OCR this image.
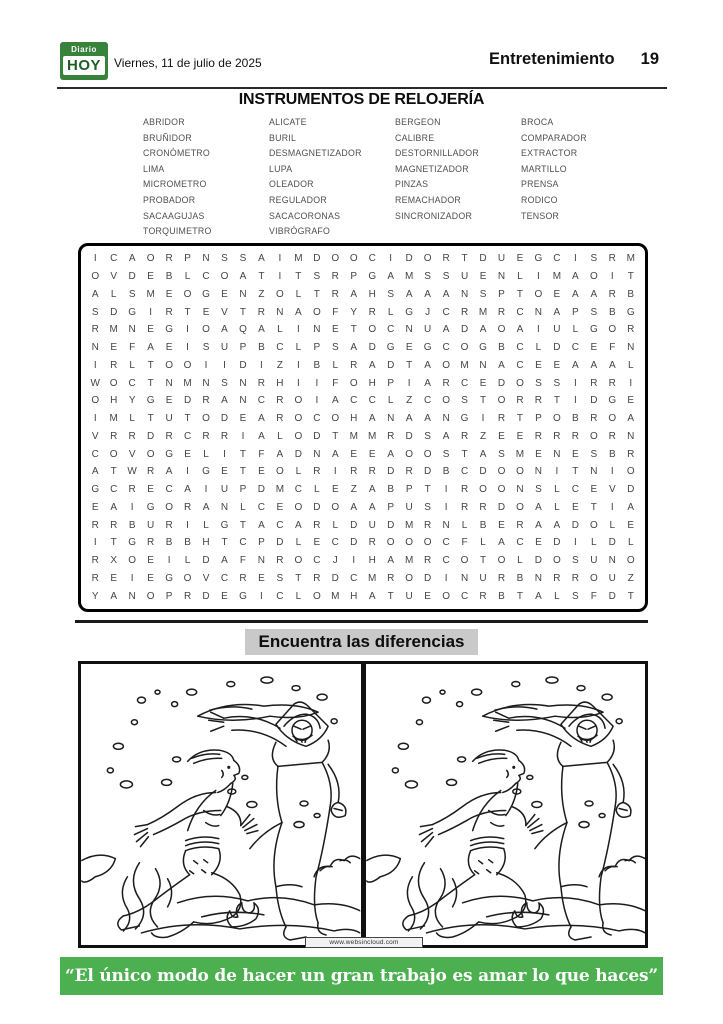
Diario
HOY	Viernes, 11 de julio de 2025	Entretenimiento 19
INSTRUMENTOS DE RELOJERÍA
ABRIDOR
BRUÑIDOR
CRONÓMETRO
LIMA
MICROMETRO
PROBADOR
SACAAGUJAS
TORQUIMETRO
ALICATE
BURIL
DESMAGNETIZADOR
LUPA
OLEADOR
REGULADOR
SACACORONAS
VIBRÓGRAFO
BERGEON
CALIBRE
DESTORNILLADOR
MAGNETIZADOR
PINZAS
REMACHADOR
SINCRONIZADOR
BROCA
COMPARADOR
EXTRACTOR
MARTILLO
PRENSA
RODICO
TENSOR
I	C	A	O	R	P	N	S	S	A	I	M	D	O	O	C	I	D	O	R	T	D	U	E	G	C	I	S	R	M
O	V	D	E	B	L	C	O	A	T	I	T	S	R	P	G	A	M	S	S	U	E	N	L	I	M	A	O	I	T
A	L	S	M	E	O	G	E	N	Z	O	L	T	R	A	H	S	A	A	A	N	S	P	T	O	E	A	A	R	B
S	D	G	I	R	T	E	V	T	R	N	A	O	F	Y	R	L	G	J	C	R	M	R	C	N	A	P	S	B	G
R	M	N	E	G	I	O	A	Q	A	L	I	N	E	T	O	C	N	U	A	D	A	O	A	I	U	L	G	O	R
N	E	F	A	E	I	S	U	P	B	C	L	P	S	A	D	G	E	G	C	O	G	B	C	L	D	C	E	F	N
I	R	L	T	O	O	I	I	D	I	Z	I	B	L	R	A	D	T	A	O	M	N	A	C	E	E	A	A	A	L
W O	C	T	N	M	N	S	N	R	H	I	I	F	O	H	P	I	A	R	C	E	D	O	S	S	I	R	R	I
O	H	Y	G	E	D	R	A	N	C	R	O	I	A	C	C	L	Z	C	O	S	T	O	R	R	T	I	D	G	E
I	M	L	T	U	T	O	D	E	A	R	O	C	O	H	A	N	A	A	N	G	I	R	T	P	O	B	R	O	A
V	R	R	D	R	C	R	R	I	A	L	O	D	T	M	M	R	D	S	A	R	Z	E	E	R	R	R	O	R	N
C	O	V	O	G	E	L	I	T	F	A	D	N	A	E	E	A	O	O	S	T	A	S	M	E	N	E	S	B	R
A	T	W	R	A	I	G	E	T	E	O	L	R	I	R	R	D	R	D	B	C	D	O	O	N	I	T	N	I	O
G	C	R	E	C	A	I	U	P	D	M	C	L	E	Z	A	B	P	T	I	R	O	O	N	S	L	C	E	V	D
E	A	I	G	O	R	A	N	L	C	E	O	D	O	A	A	P	U	S	I	R	R	D	O	A	L	E	T	I	A
R	R	B	U	R	I	L	G	T	A	C	A	R	L	D	U	D	M	R	N	L	B	E	R	A	A	D	O	L	E
I	T	G	R	B	B	H	T	C	P	D	L	E	C	D	R	O	O	O	C	F	L	A	C	E	D	I	L	D	L
R	X	O	E	I	L	D	A	F	N	R	O	C	J	I	H	A	M	R	C	O	T	O	L	D	O	S	U	N	O
R	E	I	E	G	O	V	C	R	E	S	T	R	D	C	M	R	O	D	I	N	U	R	B	N	R	R	O	U	Z
Y	A	N	O	P	R	D	E	G	I	C	L	O	M	H	A	T	U	E	O	C	R	B	T	A	L	S	F	D	T
Encuentra las diferencias
www.websincloud.com
“El único modo de hacer un gran trabajo es amar lo que haces”
